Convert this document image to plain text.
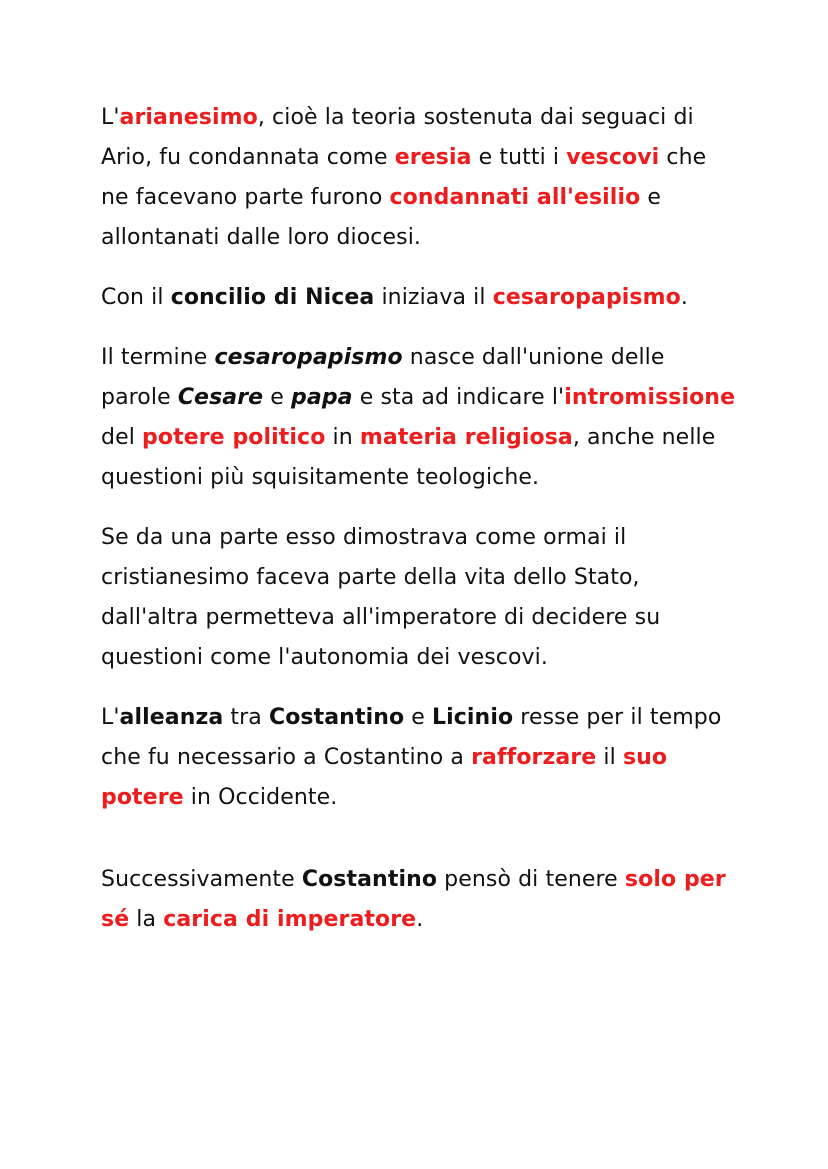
L'arianesimo, cioè la teoria sostenuta dai seguaci di
Ario, fu condannata come eresia e tutti i vescovi che
ne facevano parte furono condannati all'esilio e
allontanati dalle loro diocesi.

Con il concilio di Nicea iniziava il cesaropapismo.

Il termine cesaropapismo nasce dall'unione delle
parole Cesare e papa e sta ad indicare l'intromissione
del potere politico in materia religiosa, anche nelle
questioni più squisitamente teologiche.

Se da una parte esso dimostrava come ormai il
cristianesimo faceva parte della vita dello Stato,
dall'altra permetteva all'imperatore di decidere su
questioni come l'autonomia dei vescovi.

L'alleanza tra Costantino e Licinio resse per il tempo
che fu necessario a Costantino a rafforzare il suo
potere in Occidente.

Successivamente Costantino pensò di tenere solo per
sé la carica di imperatore.
